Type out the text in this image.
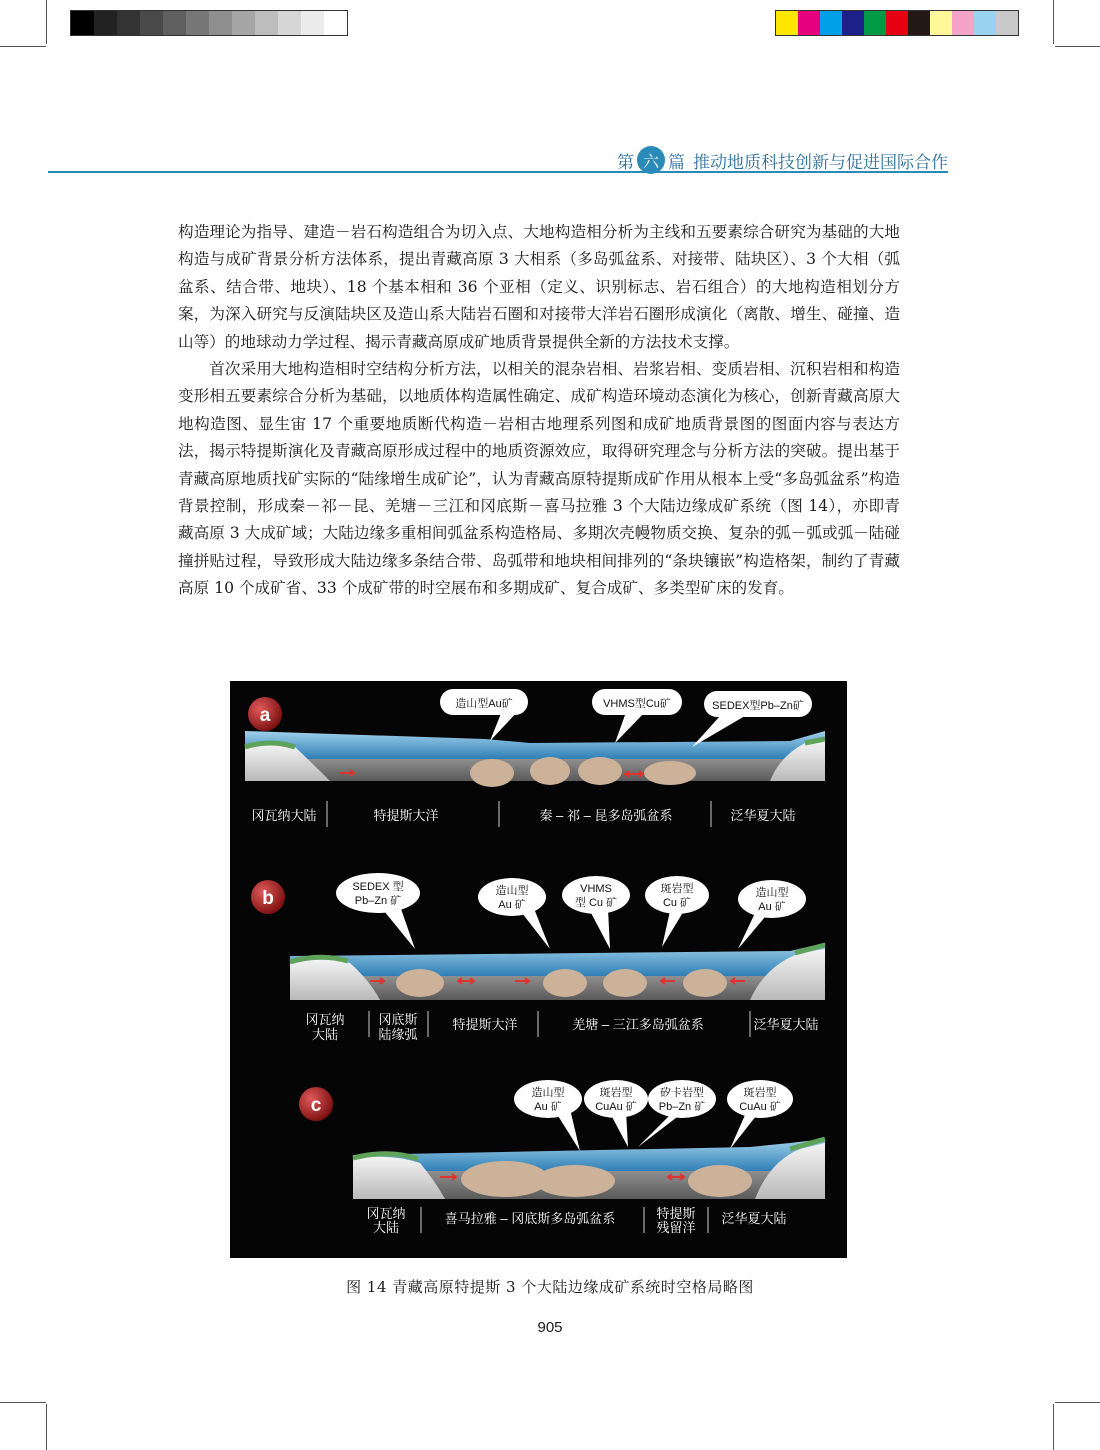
第 六 篇 推动地质科技创新与促进国际合作

构造理论为指导、建造－岩石构造组合为切入点、大地构造相分析为主线和五要素综合研究为基础的大地构造与成矿背景分析方法体系，提出青藏高原 3 大相系（多岛弧盆系、对接带、陆块区）、3 个大相（弧盆系、结合带、地块）、18 个基本相和 36 个亚相（定义、识别标志、岩石组合）的大地构造相划分方案，为深入研究与反演陆块区及造山系大陆岩石圈和对接带大洋岩石圈形成演化（离散、增生、碰撞、造山等）的地球动力学过程、揭示青藏高原成矿地质背景提供全新的方法技术支撑。

首次采用大地构造相时空结构分析方法，以相关的混杂岩相、岩浆岩相、变质岩相、沉积岩相和构造变形相五要素综合分析为基础，以地质体构造属性确定、成矿构造环境动态演化为核心，创新青藏高原大地构造图、显生宙 17 个重要地质断代构造－岩相古地理系列图和成矿地质背景图的图面内容与表达方法，揭示特提斯演化及青藏高原形成过程中的地质资源效应，取得研究理念与分析方法的突破。提出基于青藏高原地质找矿实际的“陆缘增生成矿论”，认为青藏高原特提斯成矿作用从根本上受“多岛弧盆系”构造背景控制，形成秦－祁－昆、羌塘－三江和冈底斯－喜马拉雅 3 个大陆边缘成矿系统（图 14），亦即青藏高原 3 大成矿域；大陆边缘多重相间弧盆系构造格局、多期次壳幔物质交换、复杂的弧－弧或弧－陆碰撞拼贴过程，导致形成大陆边缘多条结合带、岛弧带和地块相间排列的“条块镶嵌”构造格架，制约了青藏高原 10 个成矿省、33 个成矿带的时空展布和多期成矿、复合成矿、多类型矿床的发育。

a
造山型Au矿	VHMS型Cu矿	SEDEX型Pb–Zn矿
冈瓦纳大陆	特提斯大洋	秦 – 祁 – 昆多岛弧盆系	泛华夏大陆
b
SEDEX 型
Pb–Zn 矿
造山型
Au 矿
VHMS
型 Cu 矿
斑岩型
Cu 矿
造山型
Au 矿
冈瓦纳
大陆
冈底斯
陆缘弧
特提斯大洋	羌塘 – 三江多岛弧盆系	泛华夏大陆
c
造山型
Au 矿
斑岩型
CuAu 矿
矽卡岩型
Pb–Zn 矿
斑岩型
CuAu 矿
冈瓦纳
大陆
喜马拉雅 – 冈底斯多岛弧盆系	特提斯
残留洋
泛华夏大陆
图 14 青藏高原特提斯 3 个大陆边缘成矿系统时空格局略图
905
